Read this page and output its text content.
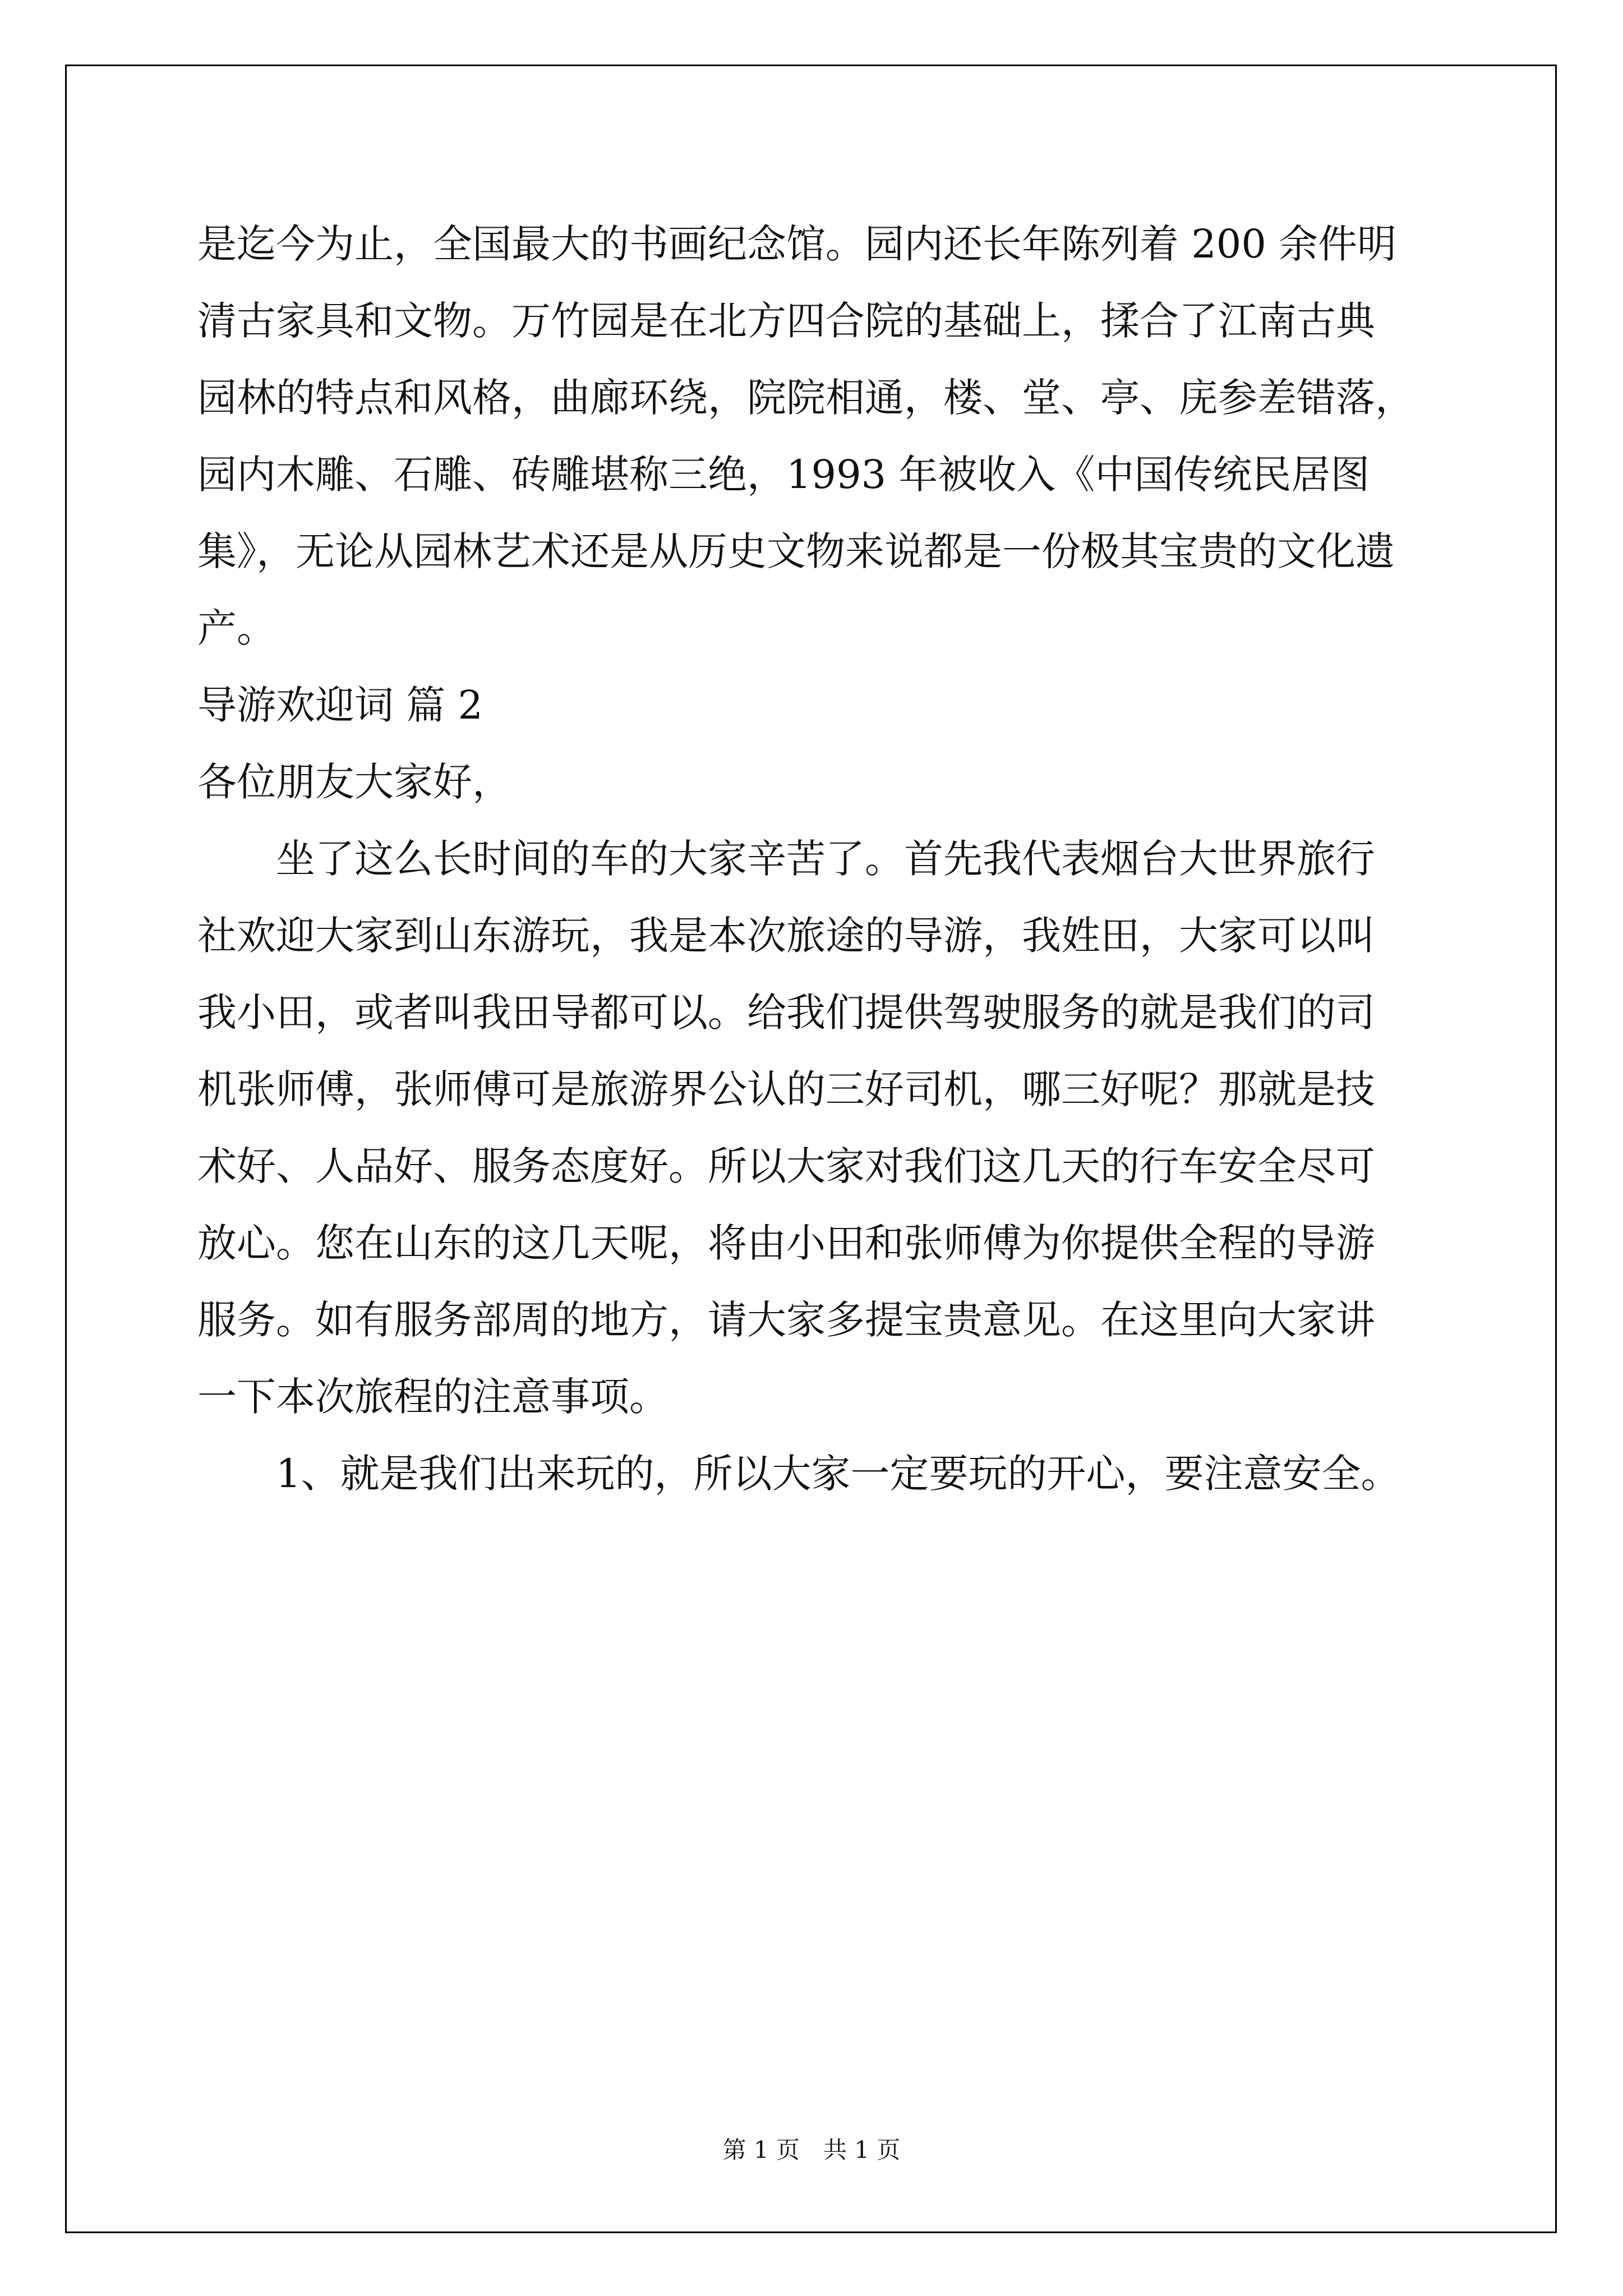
是迄今为止，全国最大的书画纪念馆。园内还长年陈列着 200 余件明
清古家具和文物。万竹园是在北方四合院的基础上，揉合了江南古典
园林的特点和风格，曲廊环绕，院院相通，楼、堂、亭、庑参差错落，
园内木雕、石雕、砖雕堪称三绝，1993 年被收入《中国传统民居图
集》，无论从园林艺术还是从历史文物来说都是一份极其宝贵的文化遗
产。
导游欢迎词 篇 2
各位朋友大家好，
坐了这么长时间的车的大家辛苦了。首先我代表烟台大世界旅行
社欢迎大家到山东游玩，我是本次旅途的导游，我姓田，大家可以叫
我小田，或者叫我田导都可以。给我们提供驾驶服务的就是我们的司
机张师傅，张师傅可是旅游界公认的三好司机，哪三好呢？那就是技
术好、人品好、服务态度好。所以大家对我们这几天的行车安全尽可
放心。您在山东的这几天呢，将由小田和张师傅为你提供全程的导游
服务。如有服务部周的地方，请大家多提宝贵意见。在这里向大家讲
一下本次旅程的注意事项。
1、就是我们出来玩的，所以大家一定要玩的开心，要注意安全。
第 1 页　共 1 页
